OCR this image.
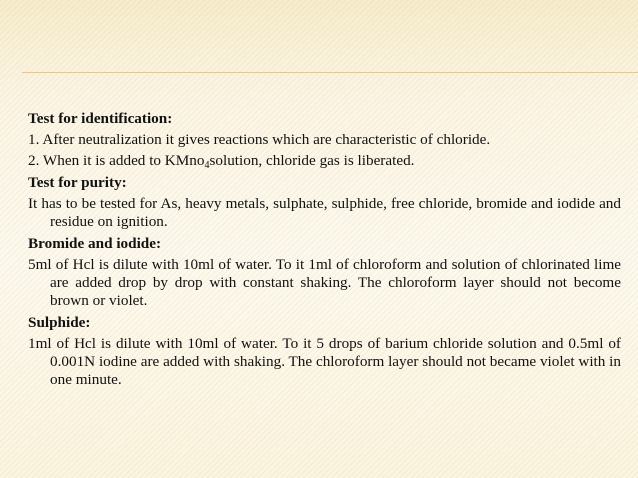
Test for identification:
1. After neutralization it gives reactions which are characteristic of chloride.
2. When it is added to KMno$_4$solution, chloride gas is liberated.
Test for purity:
It has to be tested for As, heavy metals, sulphate, sulphide, free chloride, bromide and iodide and residue on ignition.
Bromide and iodide:
5ml of Hcl is dilute with 10ml of water. To it 1ml of chloroform and solution of chlorinated lime are added drop by drop with constant shaking. The chloroform layer should not become brown or violet.
Sulphide:
1ml of Hcl is dilute with 10ml of water. To it 5 drops of barium chloride solution and 0.5ml of 0.001N iodine are added with shaking. The chloroform layer should not became violet with in one minute.
